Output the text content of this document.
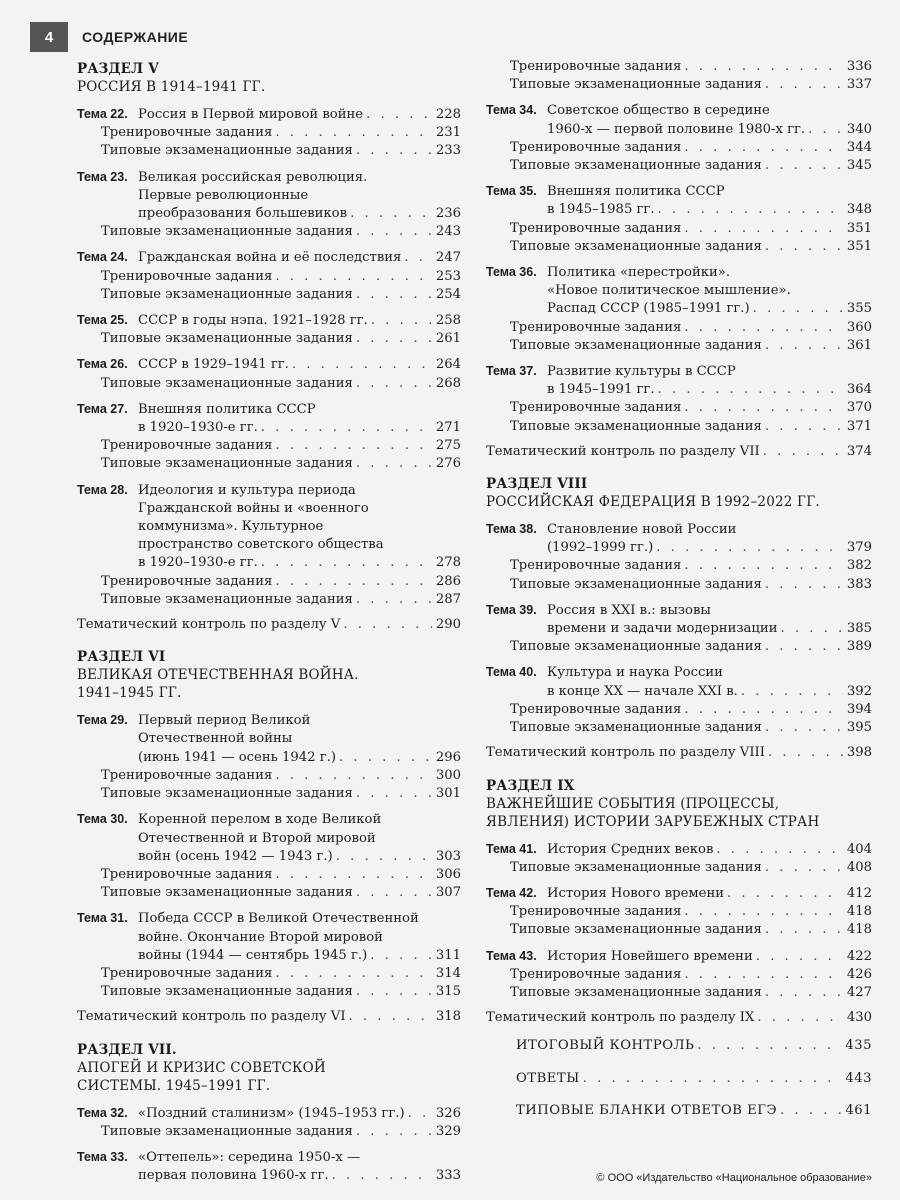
4	СОДЕРЖАНИЕ
РАЗДЕЛ V
РОССИЯ В 1914–1941 ГГ.
Тема 22. Россия в Первой мировой войне . . .	228
Тренировочные задания . . .	231
Типовые экзаменационные задания . . .	233
Тема 23. Великая российская революция.
Первые революционные
преобразования большевиков . . .	236
Типовые экзаменационные задания . . .	243
Тема 24. Гражданская война и её последствия . . .	247
Тренировочные задания . . .	253
Типовые экзаменационные задания . . .	254
Тема 25. СССР в годы нэпа. 1921–1928 гг. . . .	258
Типовые экзаменационные задания . . .	261
Тема 26. СССР в 1929–1941 гг. . . .	264
Типовые экзаменационные задания . . .	268
Тема 27. Внешняя политика СССР
в 1920–1930-е гг. . . .	271
Тренировочные задания . . .	275
Типовые экзаменационные задания . . .	276
Тема 28. Идеология и культура периода
Гражданской войны и «военного
коммунизма». Культурное
пространство советского общества
в 1920–1930-е гг. . . .	278
Тренировочные задания . . .	286
Типовые экзаменационные задания . . .	287
Тематический контроль по разделу V . . .	290
РАЗДЕЛ VI
ВЕЛИКАЯ ОТЕЧЕСТВЕННАЯ ВОЙНА.
1941–1945 ГГ.
Тема 29. Первый период Великой
Отечественной войны
(июнь 1941 — осень 1942 г.) . . .	296
Тренировочные задания . . .	300
Типовые экзаменационные задания . . .	301
Тема 30. Коренной перелом в ходе Великой
Отечественной и Второй мировой
войн (осень 1942 — 1943 г.) . . .	303
Тренировочные задания . . .	306
Типовые экзаменационные задания . . .	307
Тема 31. Победа СССР в Великой Отечественной
войне. Окончание Второй мировой
войны (1944 — сентябрь 1945 г.) . . .	311
Тренировочные задания . . .	314
Типовые экзаменационные задания . . .	315
Тематический контроль по разделу VI . . .	318
РАЗДЕЛ VII.
АПОГЕЙ И КРИЗИС СОВЕТСКОЙ
СИСТЕМЫ. 1945–1991 ГГ.
Тема 32. «Поздний сталинизм» (1945–1953 гг.) . . . 326
Типовые экзаменационные задания . . .	329
Тема 33. «Оттепель»: середина 1950-х —
первая половина 1960-х гг. . . .	333
Тренировочные задания . . .	336
Типовые экзаменационные задания . . .	337
Тема 34. Советское общество в середине
1960-х — первой половине 1980-х гг. . . .	340
Тренировочные задания . . .	344
Типовые экзаменационные задания . . .	345
Тема 35. Внешняя политика СССР
в 1945–1985 гг. . . .	348
Тренировочные задания . . .	351
Типовые экзаменационные задания . . .	351
Тема 36. Политика «перестройки».
«Новое политическое мышление».
Распад СССР (1985–1991 гг.) . . .	355
Тренировочные задания . . .	360
Типовые экзаменационные задания . . .	361
Тема 37. Развитие культуры в СССР
в 1945–1991 гг. . . .	364
Тренировочные задания . . .	370
Типовые экзаменационные задания . . .	371
Тематический контроль по разделу VII . . .	374
РАЗДЕЛ VIII
РОССИЙСКАЯ ФЕДЕРАЦИЯ В 1992–2022 ГГ.
Тема 38. Становление новой России
(1992–1999 гг.) . . .	379
Тренировочные задания . . .	382
Типовые экзаменационные задания . . .	383
Тема 39. Россия в XXI в.: вызовы
времени и задачи модернизации . . .	385
Типовые экзаменационные задания . . .	389
Тема 40. Культура и наука России
в конце XX — начале XXI в. . . .	392
Тренировочные задания . . .	394
Типовые экзаменационные задания . . .	395
Тематический контроль по разделу VIII . . .	398
РАЗДЕЛ IX
ВАЖНЕЙШИЕ СОБЫТИЯ (ПРОЦЕССЫ,
ЯВЛЕНИЯ) ИСТОРИИ ЗАРУБЕЖНЫХ СТРАН
Тема 41. История Средних веков . . .	404
Типовые экзаменационные задания . . .	408
Тема 42. История Нового времени . . .	412
Тренировочные задания . . .	418
Типовые экзаменационные задания . . .	418
Тема 43. История Новейшего времени . . .	422
Тренировочные задания . . .	426
Типовые экзаменационные задания . . .	427
Тематический контроль по разделу IX . . .	430
ИТОГОВЫЙ КОНТРОЛЬ . . .	435
ОТВЕТЫ . . .	443
ТИПОВЫЕ БЛАНКИ ОТВЕТОВ ЕГЭ . . .	461
© ООО «Издательство «Национальное образование»
